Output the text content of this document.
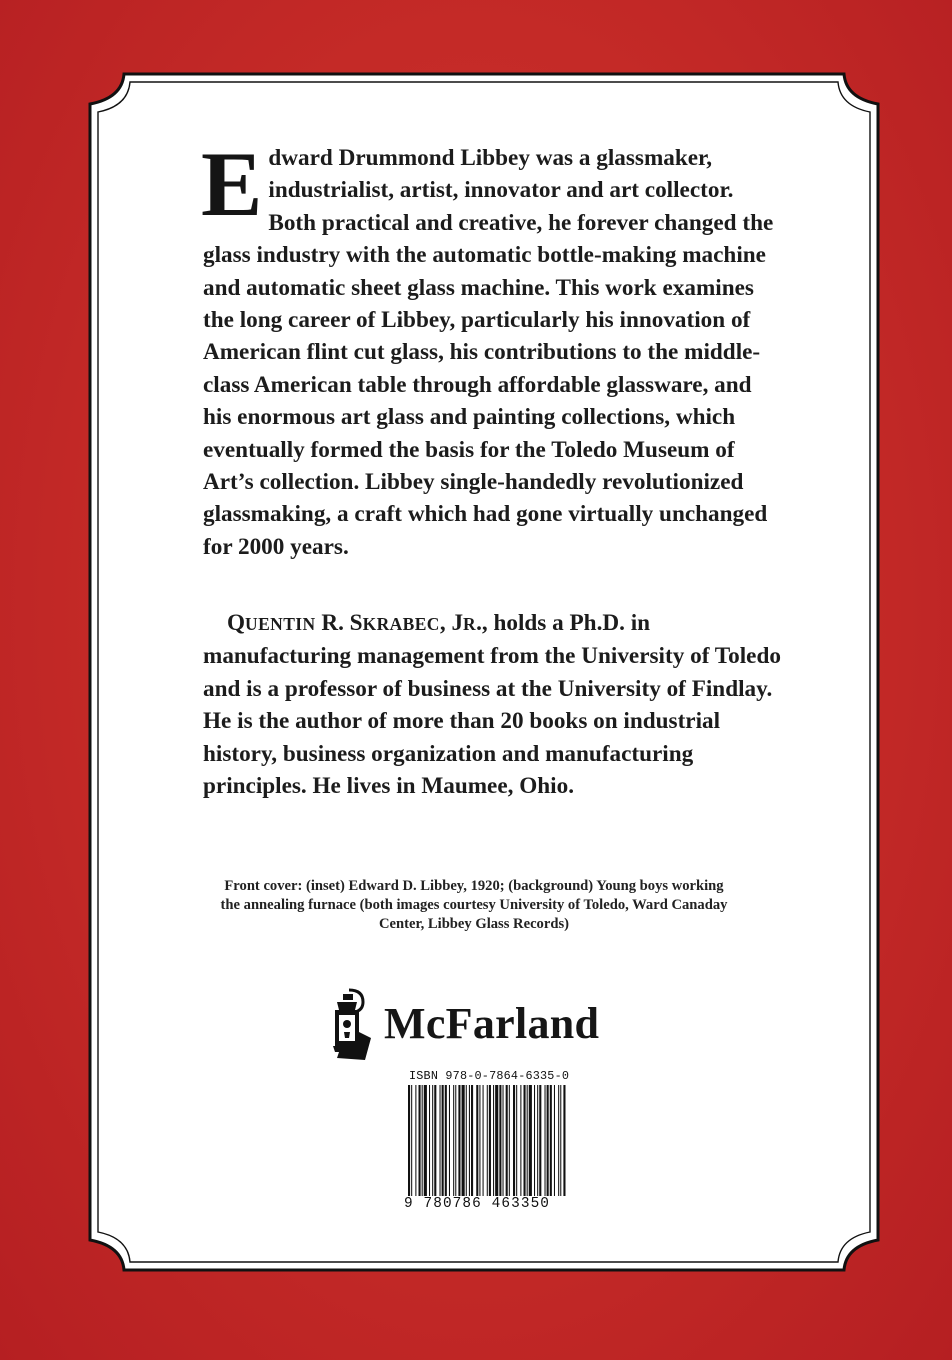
Edward Drummond Libbey was a glassmaker, industrialist, artist, innovator and art collector. Both practical and creative, he forever changed the glass industry with the automatic bottle-making machine and automatic sheet glass machine. This work examines the long career of Libbey, particularly his innovation of American flint cut glass, his contributions to the middle-class American table through affordable glassware, and his enormous art glass and painting collections, which eventually formed the basis for the Toledo Museum of Art’s collection. Libbey single-handedly revolutionized glassmaking, a craft which had gone virtually unchanged for 2000 years.

QUENTIN R. SKRABEC, JR., holds a Ph.D. in manufacturing management from the University of Toledo and is a professor of business at the University of Findlay. He is the author of more than 20 books on industrial history, business organization and manufacturing principles. He lives in Maumee, Ohio.

Front cover: (inset) Edward D. Libbey, 1920; (background) Young boys working the annealing furnace (both images courtesy University of Toledo, Ward Canaday Center, Libbey Glass Records)

McFarland
ISBN 978-0-7864-6335-0
9 780786 463350
